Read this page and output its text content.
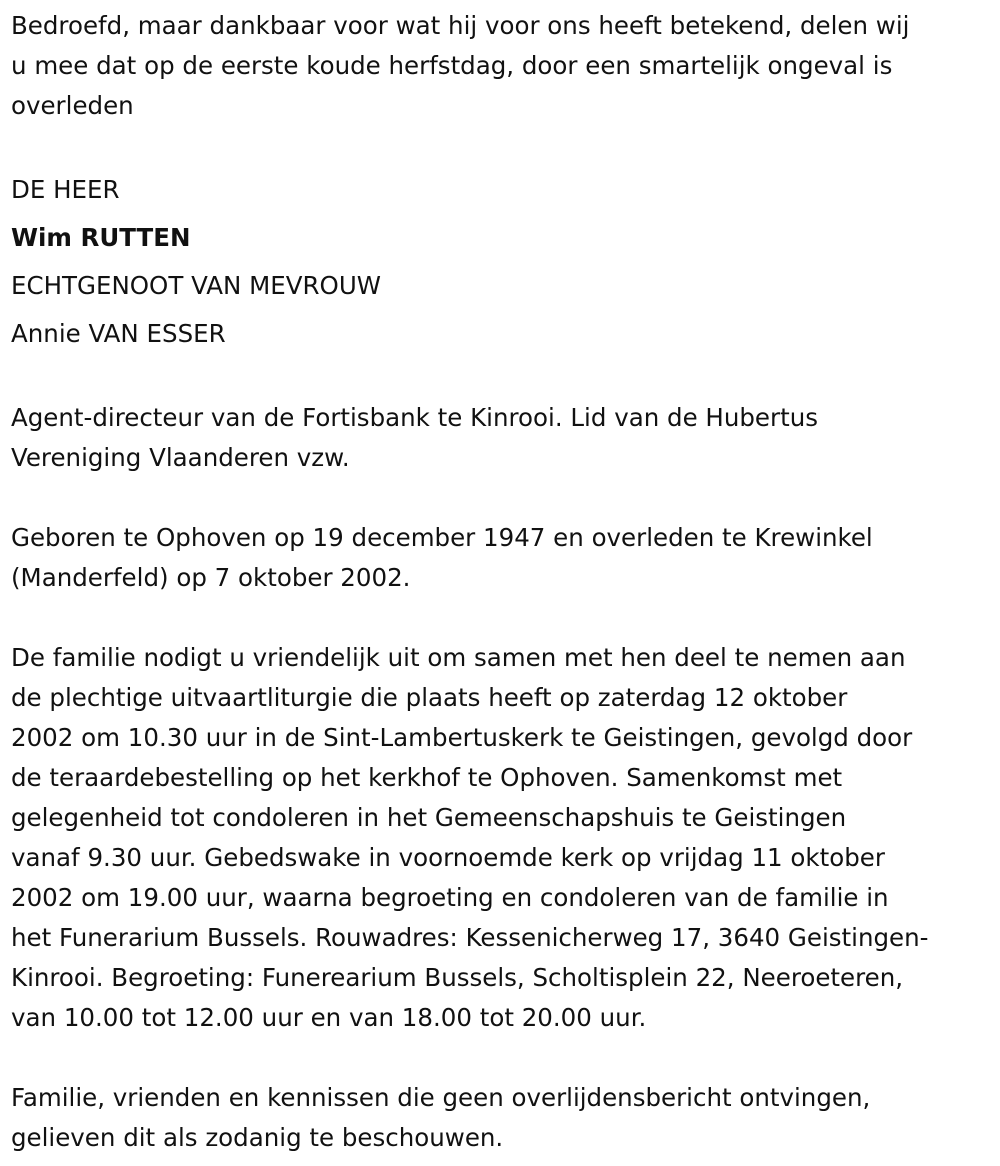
Bedroefd, maar dankbaar voor wat hij voor ons heeft betekend, delen wij
u mee dat op de eerste koude herfstdag, door een smartelijk ongeval is
overleden
DE HEER
Wim RUTTEN
ECHTGENOOT VAN MEVROUW
Annie VAN ESSER
Agent-directeur van de Fortisbank te Kinrooi. Lid van de Hubertus
Vereniging Vlaanderen vzw.
Geboren te Ophoven op 19 december 1947 en overleden te Krewinkel
(Manderfeld) op 7 oktober 2002.
De familie nodigt u vriendelijk uit om samen met hen deel te nemen aan
de plechtige uitvaartliturgie die plaats heeft op zaterdag 12 oktober
2002 om 10.30 uur in de Sint-Lambertuskerk te Geistingen, gevolgd door
de teraardebestelling op het kerkhof te Ophoven. Samenkomst met
gelegenheid tot condoleren in het Gemeenschapshuis te Geistingen
vanaf 9.30 uur. Gebedswake in voornoemde kerk op vrijdag 11 oktober
2002 om 19.00 uur, waarna begroeting en condoleren van de familie in
het Funerarium Bussels. Rouwadres: Kessenicherweg 17, 3640 Geistingen-
Kinrooi. Begroeting: Funerearium Bussels, Scholtisplein 22, Neeroeteren,
van 10.00 tot 12.00 uur en van 18.00 tot 20.00 uur.
Familie, vrienden en kennissen die geen overlijdensbericht ontvingen,
gelieven dit als zodanig te beschouwen.
